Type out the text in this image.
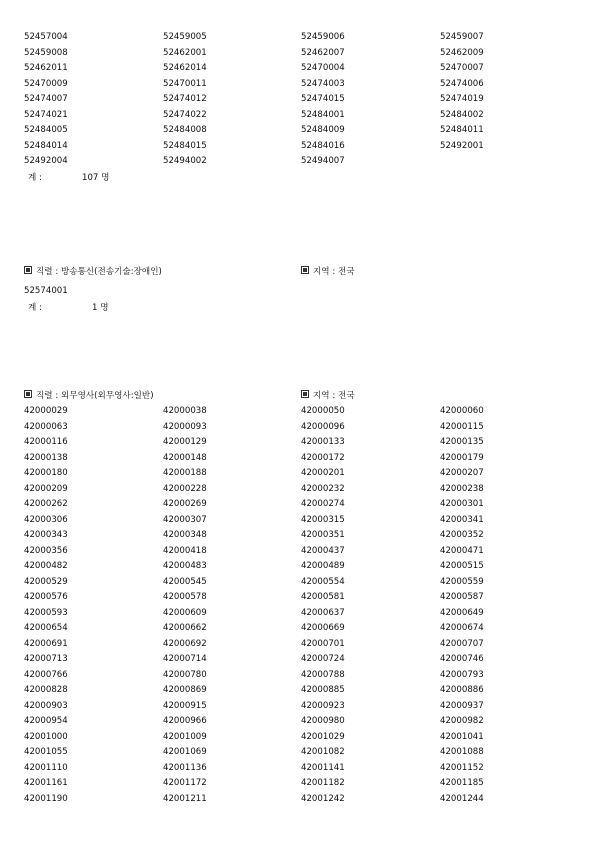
52457004	52459005	52459006	52459007
52459008	52462001	52462007	52462009
52462011	52462014	52470004	52470007
52470009	52470011	52474003	52474006
52474007	52474012	52474015	52474019
52474021	52474022	52484001	52484002
52484005	52484008	52484009	52484011
52484014	52484015	52484016	52492001
52492004	52494002	52494007
계 :	107 명
직렬 : 방송통신(전송기술:장애인)	지역 : 전국
52574001
계 :	1 명
직렬 : 외무영사(외무영사:일반)	지역 : 전국
42000029	42000038	42000050	42000060
42000063	42000093	42000096	42000115
42000116	42000129	42000133	42000135
42000138	42000148	42000172	42000179
42000180	42000188	42000201	42000207
42000209	42000228	42000232	42000238
42000262	42000269	42000274	42000301
42000306	42000307	42000315	42000341
42000343	42000348	42000351	42000352
42000356	42000418	42000437	42000471
42000482	42000483	42000489	42000515
42000529	42000545	42000554	42000559
42000576	42000578	42000581	42000587
42000593	42000609	42000637	42000649
42000654	42000662	42000669	42000674
42000691	42000692	42000701	42000707
42000713	42000714	42000724	42000746
42000766	42000780	42000788	42000793
42000828	42000869	42000885	42000886
42000903	42000915	42000923	42000937
42000954	42000966	42000980	42000982
42001000	42001009	42001029	42001041
42001055	42001069	42001082	42001088
42001110	42001136	42001141	42001152
42001161	42001172	42001182	42001185
42001190	42001211	42001242	42001244
